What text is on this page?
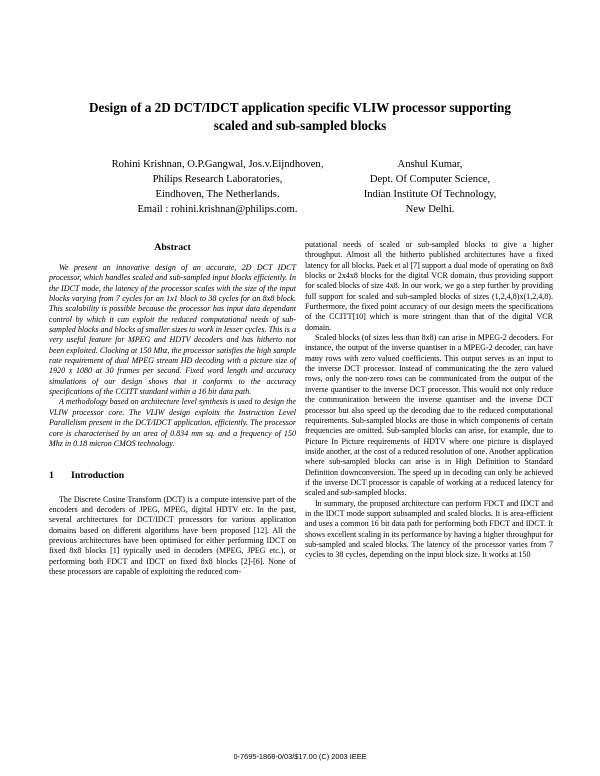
Design of a 2D DCT/IDCT application specific VLIW processor supporting
scaled and sub-sampled blocks
Rohini Krishnan, O.P.Gangwal, Jos.v.Eijndhoven,
Philips Research Laboratories,
Eindhoven, The Netherlands.
Email : rohini.krishnan@philips.com.
Anshul Kumar,
Dept. Of Computer Science,
Indian Institute Of Technology,
New Delhi.
Abstract

We present an innovative design of an accurate, 2D DCT IDCT processor, which handles scaled and sub-sampled input blocks efficiently. In the IDCT mode, the latency of the processor scales with the size of the input blocks varying from 7 cycles for an 1x1 block to 38 cycles for an 8x8 block. This scalability is possible because the processor has input data dependant control by which it can exploit the reduced computational needs of sub-sampled blocks and blocks of smaller sizes to work in lesser cycles. This is a very useful feature for MPEG and HDTV decoders and has hitherto not been exploited. Clocking at 150 Mhz, the processor satisfies the high sample rate requirement of dual MPEG stream HD decoding with a picture size of 1920 x 1080 at 30 frames per second. Fixed word length and accuracy simulations of our design shows that it conforms to the accuracy specifications of the CCITT standard within a 16 bit data path.

A methodology based on architecture level synthesis is used to design the VLIW processor core. The VLIW design exploits the Instruction Level Parallelism present in the DCT/IDCT application, efficiently. The processor core is characterised by an area of 0.834 mm sq. and a frequency of 150 Mhz in 0.18 micron CMOS technology.

1	Introduction

The Discrete Cosine Transform (DCT) is a compute intensive part of the encoders and decoders of JPEG, MPEG, digital HDTV etc. In the past, several architectures for DCT/IDCT processors for various application domains based on different algorithms have been proposed [12]. All the previous architectures have been optimised for either performing IDCT on fixed 8x8 blocks [1] typically used in decoders (MPEG, JPEG etc.), or performing both FDCT and IDCT on fixed 8x8 blocks [2]-[6]. None of these processors are capable of exploiting the reduced com-

putational needs of scaled or sub-sampled blocks to give a higher throughput. Almost all the hitherto published architectures have a fixed latency for all blocks. Paek et al [7] support a dual mode of operating on 8x8 blocks or 2x4x8 blocks for the digital VCR domain, thus providing support for scaled blocks of size 4x8. In our work, we go a step further by providing full support for scaled and sub-sampled blocks of sizes (1,2,4,8)x(1,2,4,8). Furthermore, the fixed point accuracy of our design meets the specifications of the CCITT[10] which is more stringent than that of the digital VCR domain.

Scaled blocks (of sizes less than 8x8) can arise in MPEG-2 decoders. For instance, the output of the inverse quantiser in a MPEG-2 decoder, can have many rows with zero valued coefficients. This output serves as an input to the inverse DCT processor. Instead of communicating the the zero valued rows, only the non-zero rows can be communicated from the output of the inverse quantiser to the inverse DCT processor. This would not only reduce the communication between the inverse quantiser and the inverse DCT processor but also speed up the decoding due to the reduced computational requirements. Sub-sampled blocks are those in which components of certain frequencies are omitted. Sub-sampled blocks can arise, for example, due to Picture In Picture requirements of HDTV where one picture is displayed inside another, at the cost of a reduced resolution of one. Another application where sub-sampled blocks can arise is in High Definition to Standard Definition downconversion. The speed up in decoding can only be achieved if the inverse DCT processor is capable of working at a reduced latency for scaled and sub-sampled blocks.

In summary, the proposed architecture can perform FDCT and IDCT and in the IDCT mode support subsampled and scaled blocks. It is area-efficient and uses a common 16 bit data path for performing both FDCT and IDCT. It shows excellent scaling in its performance by having a higher throughput for sub-sampled and scaled blocks. The latency of the processor varies from 7 cycles to 38 cycles, depending on the input block size. It works at 150

0-7695-1868-0/03/$17.00 (C) 2003 IEEE
